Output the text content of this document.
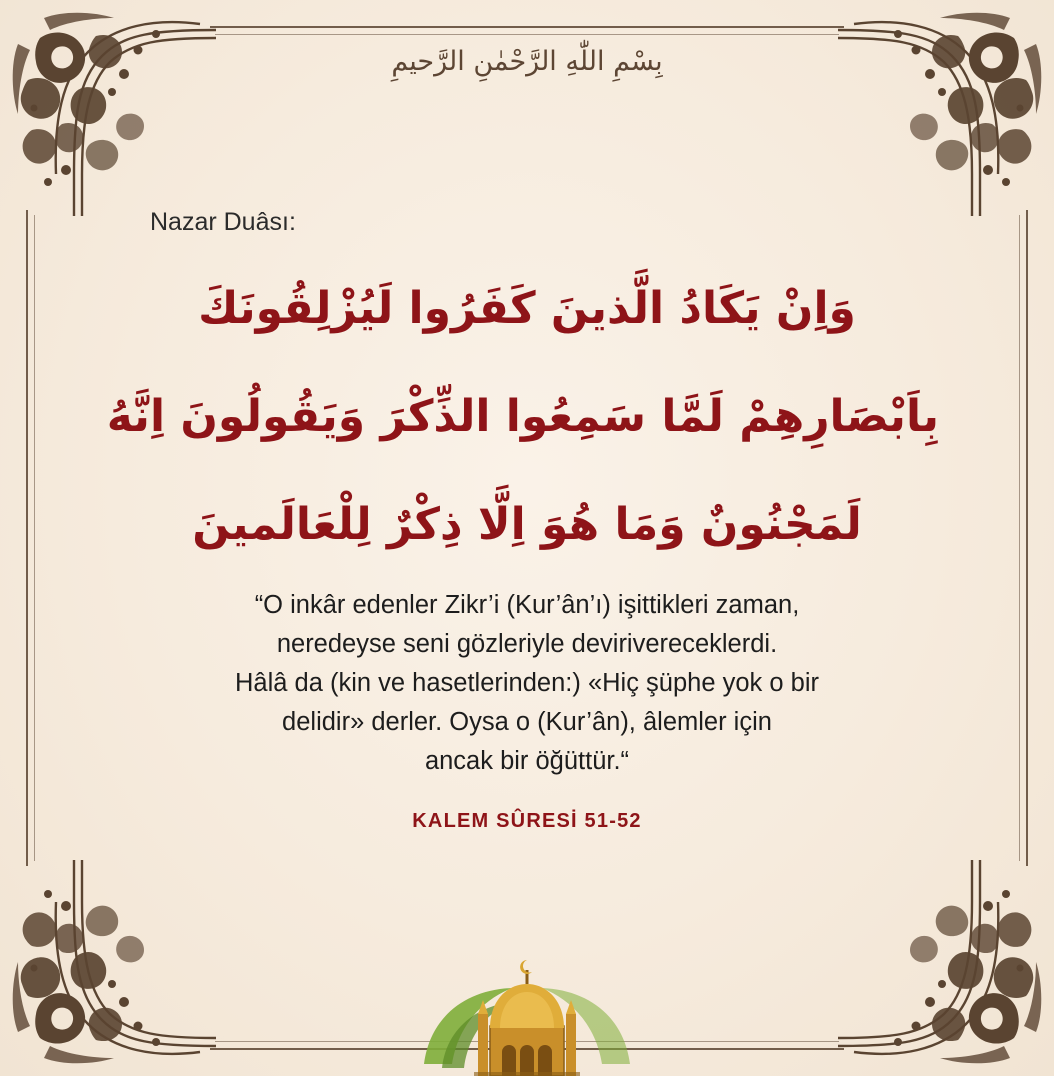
بِسْمِ اللّٰهِ الرَّحْمٰنِ الرَّحيمِ
Nazar Duâsı:
وَاِنْ يَكَادُ الَّذينَ كَفَرُوا لَيُزْلِقُونَكَ
بِاَبْصَارِهِمْ لَمَّا سَمِعُوا الذِّكْرَ وَيَقُولُونَ اِنَّهُ
لَمَجْنُونٌ وَمَا هُوَ اِلَّا ذِكْرٌ لِلْعَالَمينَ
“O inkâr edenler Zikr’i (Kur’ân’ı) işittikleri zaman,
neredeyse seni gözleriyle devirivereceklerdi.
Hâlâ da (kin ve hasetlerinden:) «Hiç şüphe yok o bir
delidir» derler. Oysa o (Kur’ân), âlemler için
ancak bir öğüttür.“
KALEM SÛRESİ 51-52
